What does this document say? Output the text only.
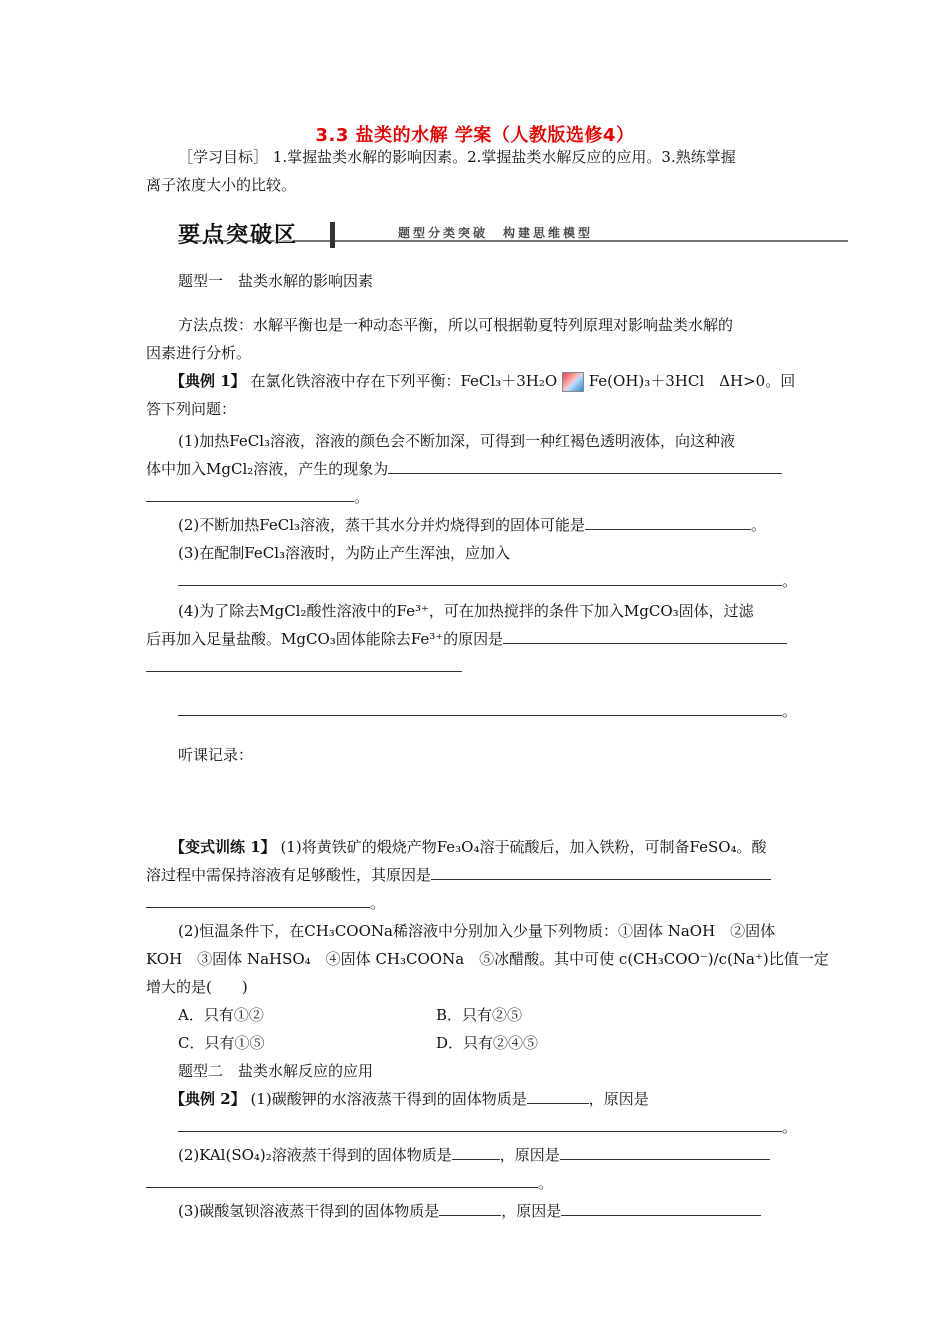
3.3 盐类的水解 学案（人教版选修4）
［学习目标］ 1.掌握盐类水解的影响因素。2.掌握盐类水解反应的应用。3.熟练掌握
离子浓度大小的比较。
要点突破区	题型分类突破　构建思维模型
题型一　盐类水解的影响因素
方法点拨：水解平衡也是一种动态平衡，所以可根据勒夏特列原理对影响盐类水解的
因素进行分析。
【典例 1】 在氯化铁溶液中存在下列平衡：FeCl₃＋3H₂O Fe(OH)₃＋3HCl　ΔH>0。回
答下列问题：
(1)加热FeCl₃溶液，溶液的颜色会不断加深，可得到一种红褐色透明液体，向这种液
体中加入MgCl₂溶液，产生的现象为
。
(2)不断加热FeCl₃溶液，蒸干其水分并灼烧得到的固体可能是	。
(3)在配制FeCl₃溶液时，为防止产生浑浊，应加入
。
(4)为了除去MgCl₂酸性溶液中的Fe³⁺，可在加热搅拌的条件下加入MgCO₃固体，过滤
后再加入足量盐酸。MgCO₃固体能除去Fe³⁺的原因是
。
听课记录：
【变式训练 1】 (1)将黄铁矿的煅烧产物Fe₃O₄溶于硫酸后，加入铁粉，可制备FeSO₄。酸
溶过程中需保持溶液有足够酸性，其原因是
。
(2)恒温条件下，在CH₃COONa稀溶液中分别加入少量下列物质：①固体 NaOH　②固体
KOH　③固体 NaHSO₄　④固体 CH₃COONa　⑤冰醋酸。其中可使 c(CH₃COO⁻)/c(Na⁺)比值一定
增大的是(　　)
A．只有①②	B．只有②⑤
C．只有①⑤	D．只有②④⑤
题型二　盐类水解反应的应用
【典例 2】 (1)碳酸钾的水溶液蒸干得到的固体物质是	，原因是
。
(2)KAl(SO₄)₂溶液蒸干得到的固体物质是	，原因是
。
(3)碳酸氢钡溶液蒸干得到的固体物质是	，原因是
